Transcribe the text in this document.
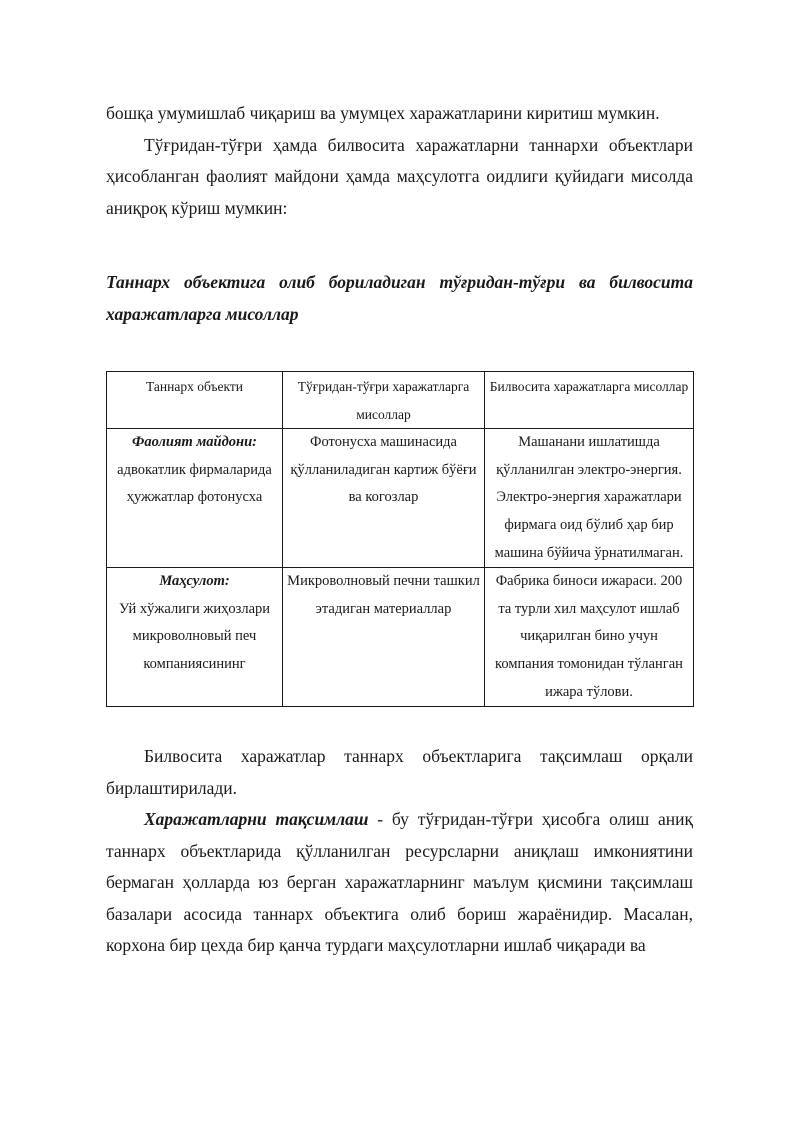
бошқа умумишлаб чиқариш ва умумцех харажатларини киритиш мумкин.

Тўғридан-тўғри ҳамда билвосита харажатларни таннархи объектлари ҳисобланган фаолият майдони ҳамда маҳсулотга оидлиги қуйидаги мисолда аниқроқ кўриш мумкин:

Таннарх объектига олиб бориладиган тўғридан-тўғри ва билвосита харажатларга мисоллар

Таннарх объекти	Тўғридан-тўғри харажатларга мисоллар	Билвосита харажатларга мисоллар

Фаолият майдони:
адвокатлик фирмаларида ҳужжатлар фотонусха	Фотонусха машинасида қўлланиладиган картиж бўёғи ва когозлар	Машанани ишлатишда қўлланилган электро-энергия. Электро-энергия харажатлари фирмага оид бўлиб ҳар бир машина бўйича ўрнатилмаган.

Маҳсулот:
Уй хўжалиги жиҳозлари микроволновый печ компаниясининг	Микроволновый печни ташкил этадиган материаллар	Фабрика биноси ижараси. 200 та турли хил маҳсулот ишлаб чиқарилган бино учун компания томонидан тўланган ижара тўлови.

Билвосита харажатлар таннарх объектларига тақсимлаш орқали бирлаштирилади.

Харажатларни тақсимлаш - бу тўғридан-тўғри ҳисобга олиш аниқ таннарх объектларида қўлланилган ресурсларни аниқлаш имкониятини бермаган ҳолларда юз берган харажатларнинг маълум қисмини тақсимлаш базалари асосида таннарх объектига олиб бориш жараёнидир. Масалан, корхона бир цехда бир қанча турдаги маҳсулотларни ишлаб чиқаради ва
